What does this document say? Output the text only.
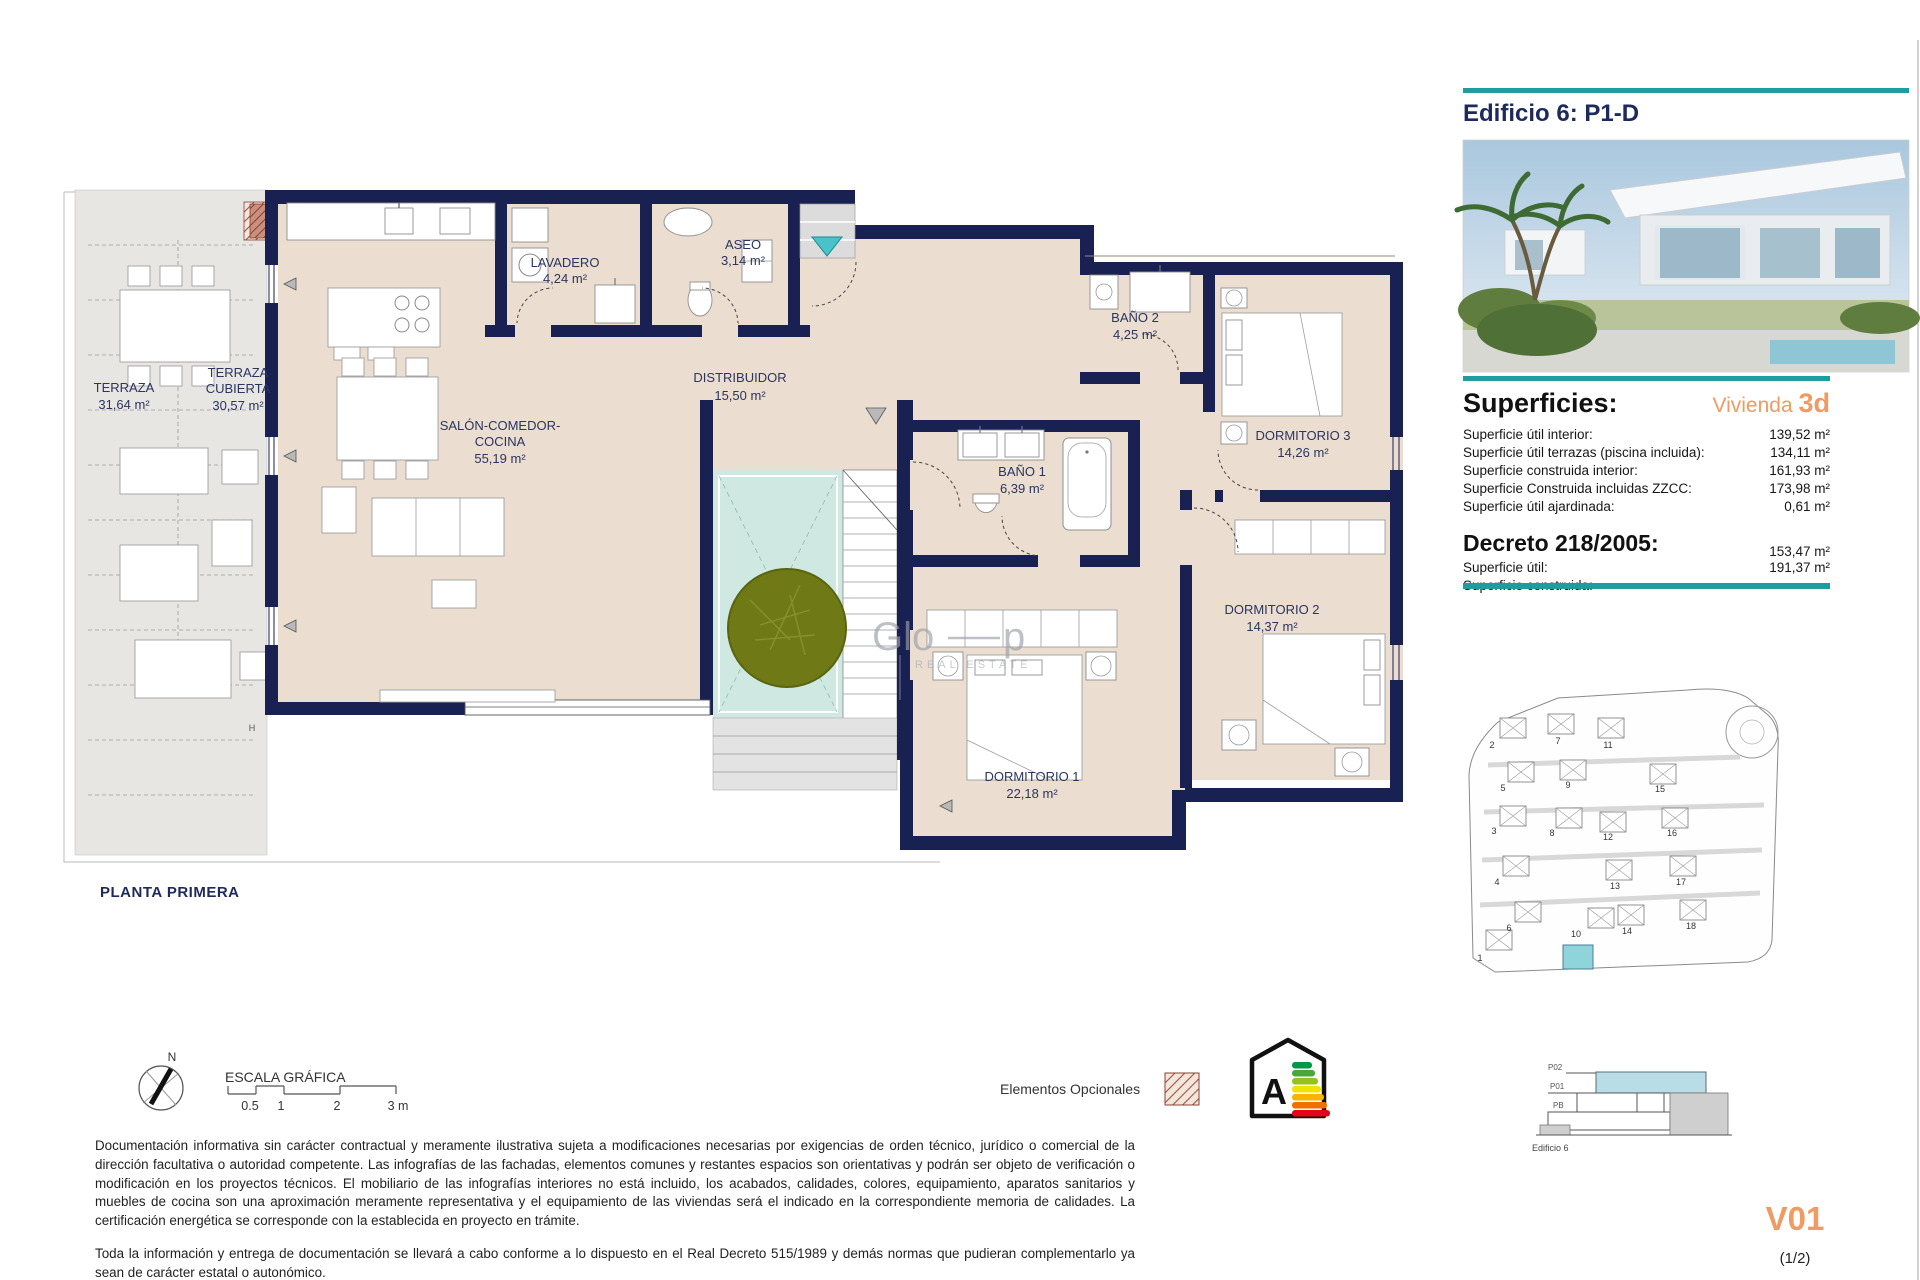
H
TERRAZA
31,64 m²
TERRAZA
CUBIERTA
30,57 m²
LAVADERO
4,24 m²
ASEO
3,14 m²
DISTRIBUIDOR
15,50 m²
SALÓN-COMEDOR-
COCINA
55,19 m²
BAÑO 1
6,39 m²
BAÑO 2
4,25 m²
DORMITORIO 3
14,26 m²
DORMITORIO 2
14,37 m²
DORMITORIO 1
22,18 m²
Glo p
REAL ESTATE
N
ESCALA GRÁFICA
0.5 1	2	3 m
Elementos Opcionales	A
1
2
3
4
5
6
7
8
9
10
11
12
13
14
15
16
17
18
P02
P01
PB
Edificio 6
Edificio 6: P1-D
Superficies:	Vivienda 3d
Superficie útil interior:	139,52 m²
Superficie útil terrazas (piscina incluida):	134,11 m²
Superficie construida interior:	161,93 m²
Superficie Construida incluidas ZZCC:	173,98 m²
Superficie útil ajardinada:	0,61 m²
Decreto 218/2005:	153,47 m²
Superficie útil:	191,37 m²
PLANTA PRIMERA

Documentación informativa sin carácter contractual y meramente ilustrativa sujeta a modificaciones necesarias por exigencias de orden técnico, jurídico o comercial de la dirección facultativa o autoridad competente. Las infografías de las fachadas, elementos comunes y restantes espacios son orientativas y podrán ser objeto de verificación o modificación en los proyectos técnicos. El mobiliario de las infografías interiores no está incluido, los acabados, calidades, colores, equipamiento, aparatos sanitarios y muebles de cocina son una aproximación meramente representativa y el equipamiento de las viviendas será el indicado en la correspondiente memoria de calidades. La certificación energética se corresponde con la establecida en proyecto en trámite.

Toda la información y entrega de documentación se llevará a cabo conforme a lo dispuesto en el Real Decreto 515/1989 y demás normas que pudieran complementarlo ya sean de carácter estatal o autonómico.

V01
(1/2)
